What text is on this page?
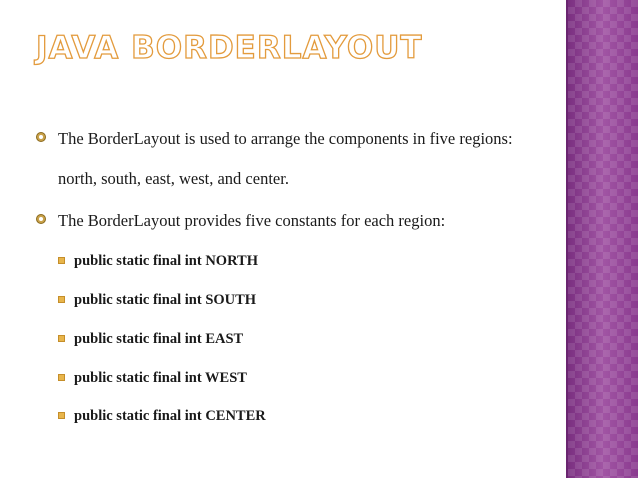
JAVA BORDERLAYOUT
The BorderLayout is used to arrange the components in five regions:
north, south, east, west, and center.
The BorderLayout provides five constants for each region:
public static final int NORTH
public static final int SOUTH
public static final int EAST
public static final int WEST
public static final int CENTER
